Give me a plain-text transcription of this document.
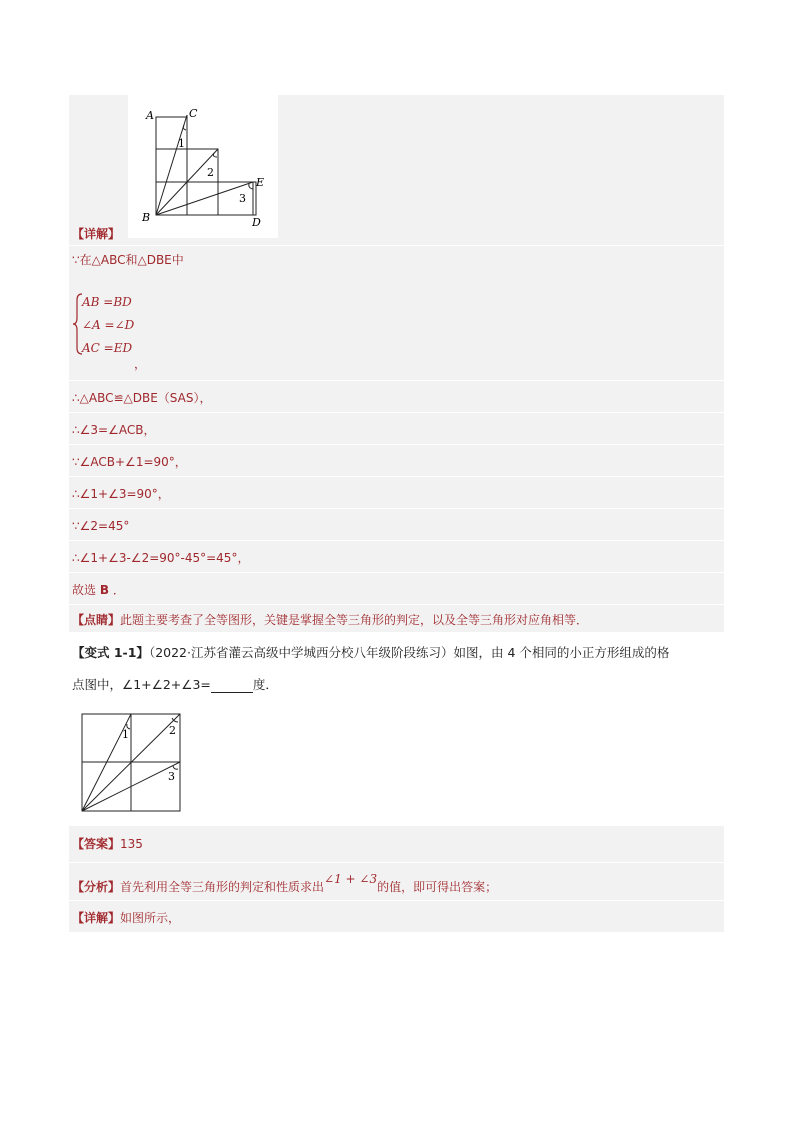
A	C
B
E
D
1
2
3
【详解】
∵在△ABC和△DBE中
AB =BD
∠A =∠D
AC =ED
，
∴△ABC≌△DBE（SAS），
∴∠3=∠ACB，
∵∠ACB+∠1=90°，
∴∠1+∠3=90°，
∵∠2=45°
∴∠1+∠3-∠2=90°-45°=45°，
故选 B ．
【点睛】此题主要考查了全等图形，关键是掌握全等三角形的判定，以及全等三角形对应角相等．
【变式 1-1】（2022·江苏省灌云高级中学城西分校八年级阶段练习）如图，由 4 个相同的小正方形组成的格
点图中，∠1+∠2+∠3=	度．
1	2
3
【答案】135
【分析】首先利用全等三角形的判定和性质求出∠1 + ∠3的值，即可得出答案；
【详解】如图所示，
